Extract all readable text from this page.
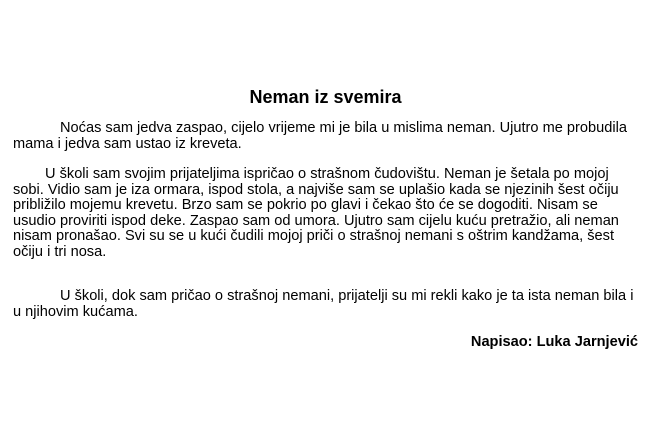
Neman iz svemira

Noćas sam jedva zaspao, cijelo vrijeme mi je bila u mislima neman. Ujutro me probudila mama i jedva sam ustao iz kreveta.

U školi sam svojim prijateljima ispričao o strašnom čudovištu. Neman je šetala po mojoj sobi. Vidio sam je iza ormara, ispod stola, a najviše sam se uplašio kada se njezinih šest očiju približilo mojemu krevetu. Brzo sam se pokrio po glavi i čekao što će se dogoditi. Nisam se usudio proviriti ispod deke. Zaspao sam od umora. Ujutro sam cijelu kuću pretražio, ali neman nisam pronašao. Svi su se u kući čudili mojoj priči o strašnoj nemani s oštrim kandžama, šest očiju i tri nosa.

U školi, dok sam pričao o strašnoj nemani, prijatelji su mi rekli kako je ta ista neman bila i u njihovim kućama.

Napisao: Luka Jarnjević
